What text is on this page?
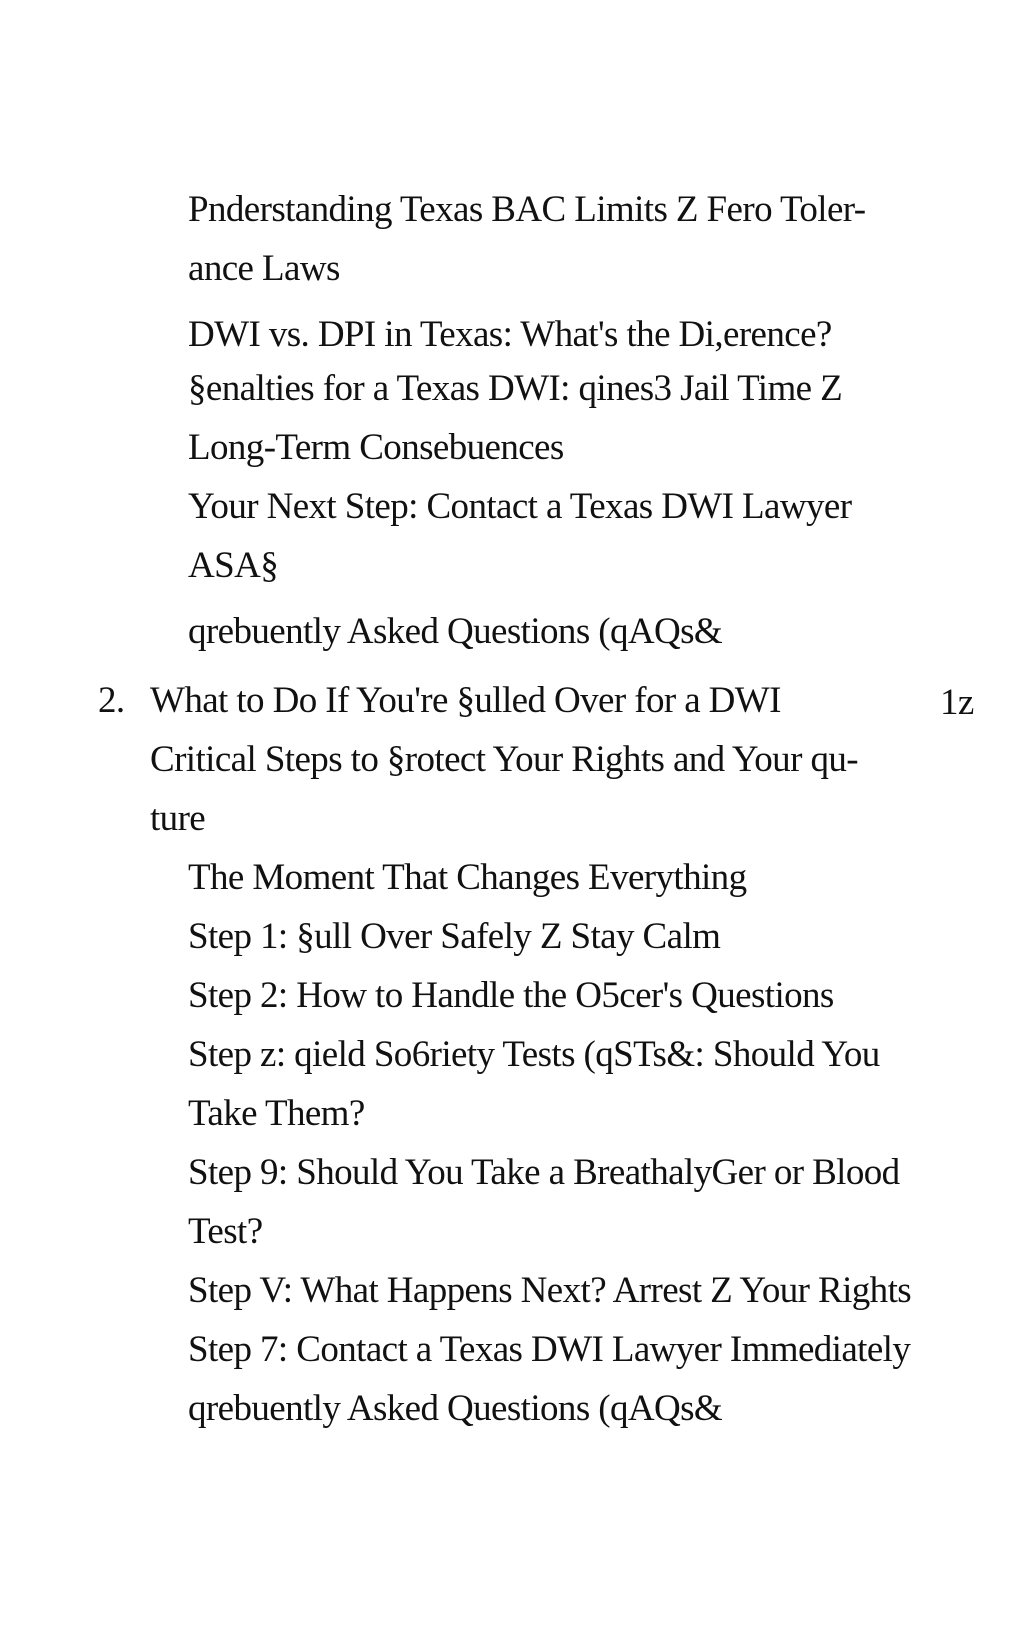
Pnderstanding Texas BAC Limits Z Fero Toler-
ance Laws
DWI vs. DPI in Texas: What's the Di,erence?
§enalties for a Texas DWI: qines3 Jail Time Z
Long-Term Consebuences
Your Next Step: Contact a Texas DWI Lawyer
ASA§
qrebuently Asked Questions (qAQs&
2. What to Do If You're §ulled Over for a DWI	1z
Critical Steps to §rotect Your Rights and Your qu-
ture
The Moment That Changes Everything
Step 1: §ull Over Safely Z Stay Calm
Step 2: How to Handle the O5cer's Questions
Step z: qield So6riety Tests (qSTs&: Should You
Take Them?
Step 9: Should You Take a BreathalyGer or Blood
Test?
Step V: What Happens Next? Arrest Z Your Rights
Step 7: Contact a Texas DWI Lawyer Immediately
qrebuently Asked Questions (qAQs&
